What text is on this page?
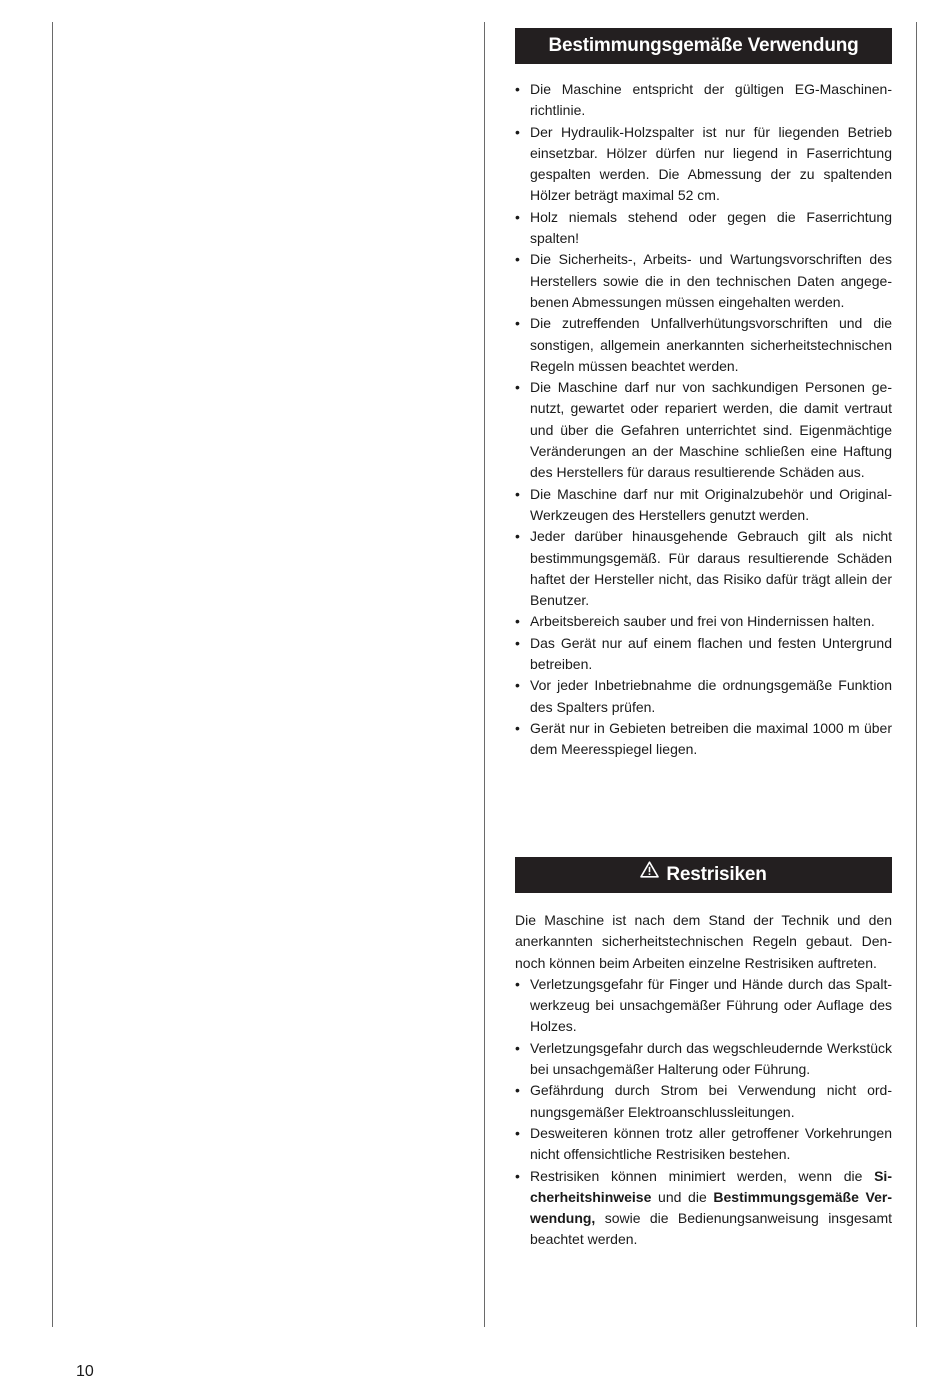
Bestimmungsgemäße Verwendung
• Die Maschine entspricht der gültigen EG-Maschinenrichtlinie.
• Der Hydraulik-Holzspalter ist nur für liegenden Betrieb einsetzbar. Hölzer dürfen nur liegend in Faserrichtung gespalten werden. Die Abmessung der zu spaltenden Hölzer beträgt maximal 52 cm.
• Holz niemals stehend oder gegen die Faserrichtung spalten!
• Die Sicherheits-, Arbeits- und Wartungsvorschriften des Herstellers sowie die in den technischen Daten angegebenen Abmessungen müssen eingehalten werden.
• Die zutreffenden Unfallverhütungsvorschriften und die sonstigen, allgemein anerkannten sicherheitstechnischen Regeln müssen beachtet werden.
• Die Maschine darf nur von sachkundigen Personen genutzt, gewartet oder repariert werden, die damit vertraut und über die Gefahren unterrichtet sind. Eigenmächtige Veränderungen an der Maschine schließen eine Haftung des Herstellers für daraus resultierende Schäden aus.
• Die Maschine darf nur mit Originalzubehör und Original-Werkzeugen des Herstellers genutzt werden.
• Jeder darüber hinausgehende Gebrauch gilt als nicht bestimmungsgemäß. Für daraus resultierende Schäden haftet der Hersteller nicht, das Risiko dafür trägt allein der Benutzer.
• Arbeitsbereich sauber und frei von Hindernissen halten.
• Das Gerät nur auf einem flachen und festen Untergrund betreiben.
• Vor jeder Inbetriebnahme die ordnungsgemäße Funktion des Spalters prüfen.
• Gerät nur in Gebieten betreiben die maximal 1000 m über dem Meeresspiegel liegen.
Restrisiken

Die Maschine ist nach dem Stand der Technik und den anerkannten sicherheitstechnischen Regeln gebaut. Dennoch können beim Arbeiten einzelne Restrisiken auftreten.

• Verletzungsgefahr für Finger und Hände durch das Spaltwerkzeug bei unsachgemäßer Führung oder Auflage des Holzes.
• Verletzungsgefahr durch das wegschleudernde Werkstück bei unsachgemäßer Halterung oder Führung.
• Gefährdung durch Strom bei Verwendung nicht ordnungsgemäßer Elektroanschlussleitungen.
• Desweiteren können trotz aller getroffener Vorkehrungen nicht offensichtliche Restrisiken bestehen.
• Restrisiken können minimiert werden, wenn die Sicherheitshinweise und die Bestimmungsgemäße Verwendung, sowie die Bedienungsanweisung insgesamt beachtet werden.
10
